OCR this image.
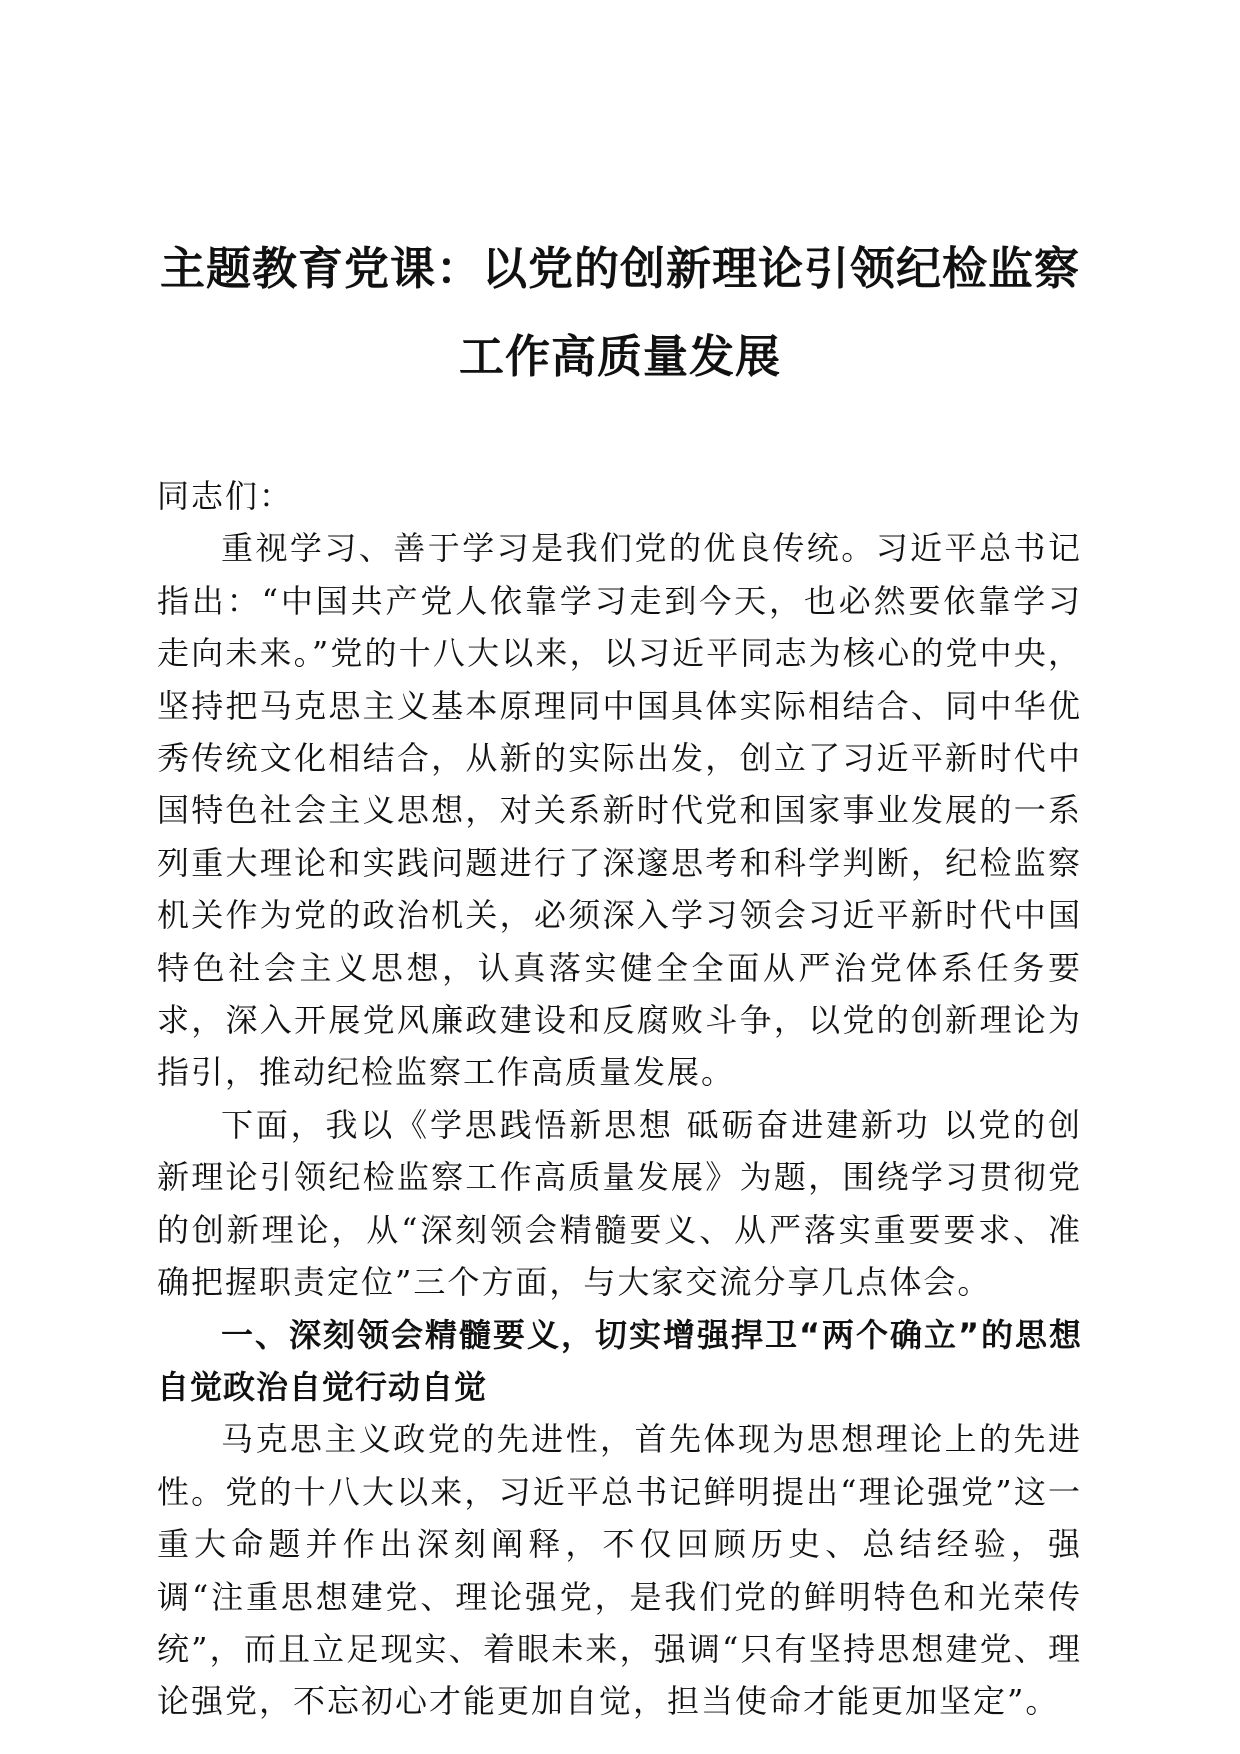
主题教育党课：以党的创新理论引领纪检监察
工作高质量发展

同志们：

重视学习、善于学习是我们党的优良传统。习近平总书记指出：“中国共产党人依靠学习走到今天，也必然要依靠学习走向未来。”党的十八大以来，以习近平同志为核心的党中央，坚持把马克思主义基本原理同中国具体实际相结合、同中华优秀传统文化相结合，从新的实际出发，创立了习近平新时代中国特色社会主义思想，对关系新时代党和国家事业发展的一系列重大理论和实践问题进行了深邃思考和科学判断，纪检监察机关作为党的政治机关，必须深入学习领会习近平新时代中国特色社会主义思想，认真落实健全全面从严治党体系任务要求，深入开展党风廉政建设和反腐败斗争，以党的创新理论为指引，推动纪检监察工作高质量发展。

下面，我以《学思践悟新思想 砥砺奋进建新功 以党的创新理论引领纪检监察工作高质量发展》为题，围绕学习贯彻党的创新理论，从“深刻领会精髓要义、从严落实重要要求、准确把握职责定位”三个方面，与大家交流分享几点体会。

一、深刻领会精髓要义，切实增强捍卫“两个确立”的思想自觉政治自觉行动自觉

马克思主义政党的先进性，首先体现为思想理论上的先进性。党的十八大以来，习近平总书记鲜明提出“理论强党”这一重大命题并作出深刻阐释，不仅回顾历史、总结经验，强调“注重思想建党、理论强党，是我们党的鲜明特色和光荣传统”，而且立足现实、着眼未来，强调“只有坚持思想建党、理论强党，不忘初心才能更加自觉，担当使命才能更加坚定”。
